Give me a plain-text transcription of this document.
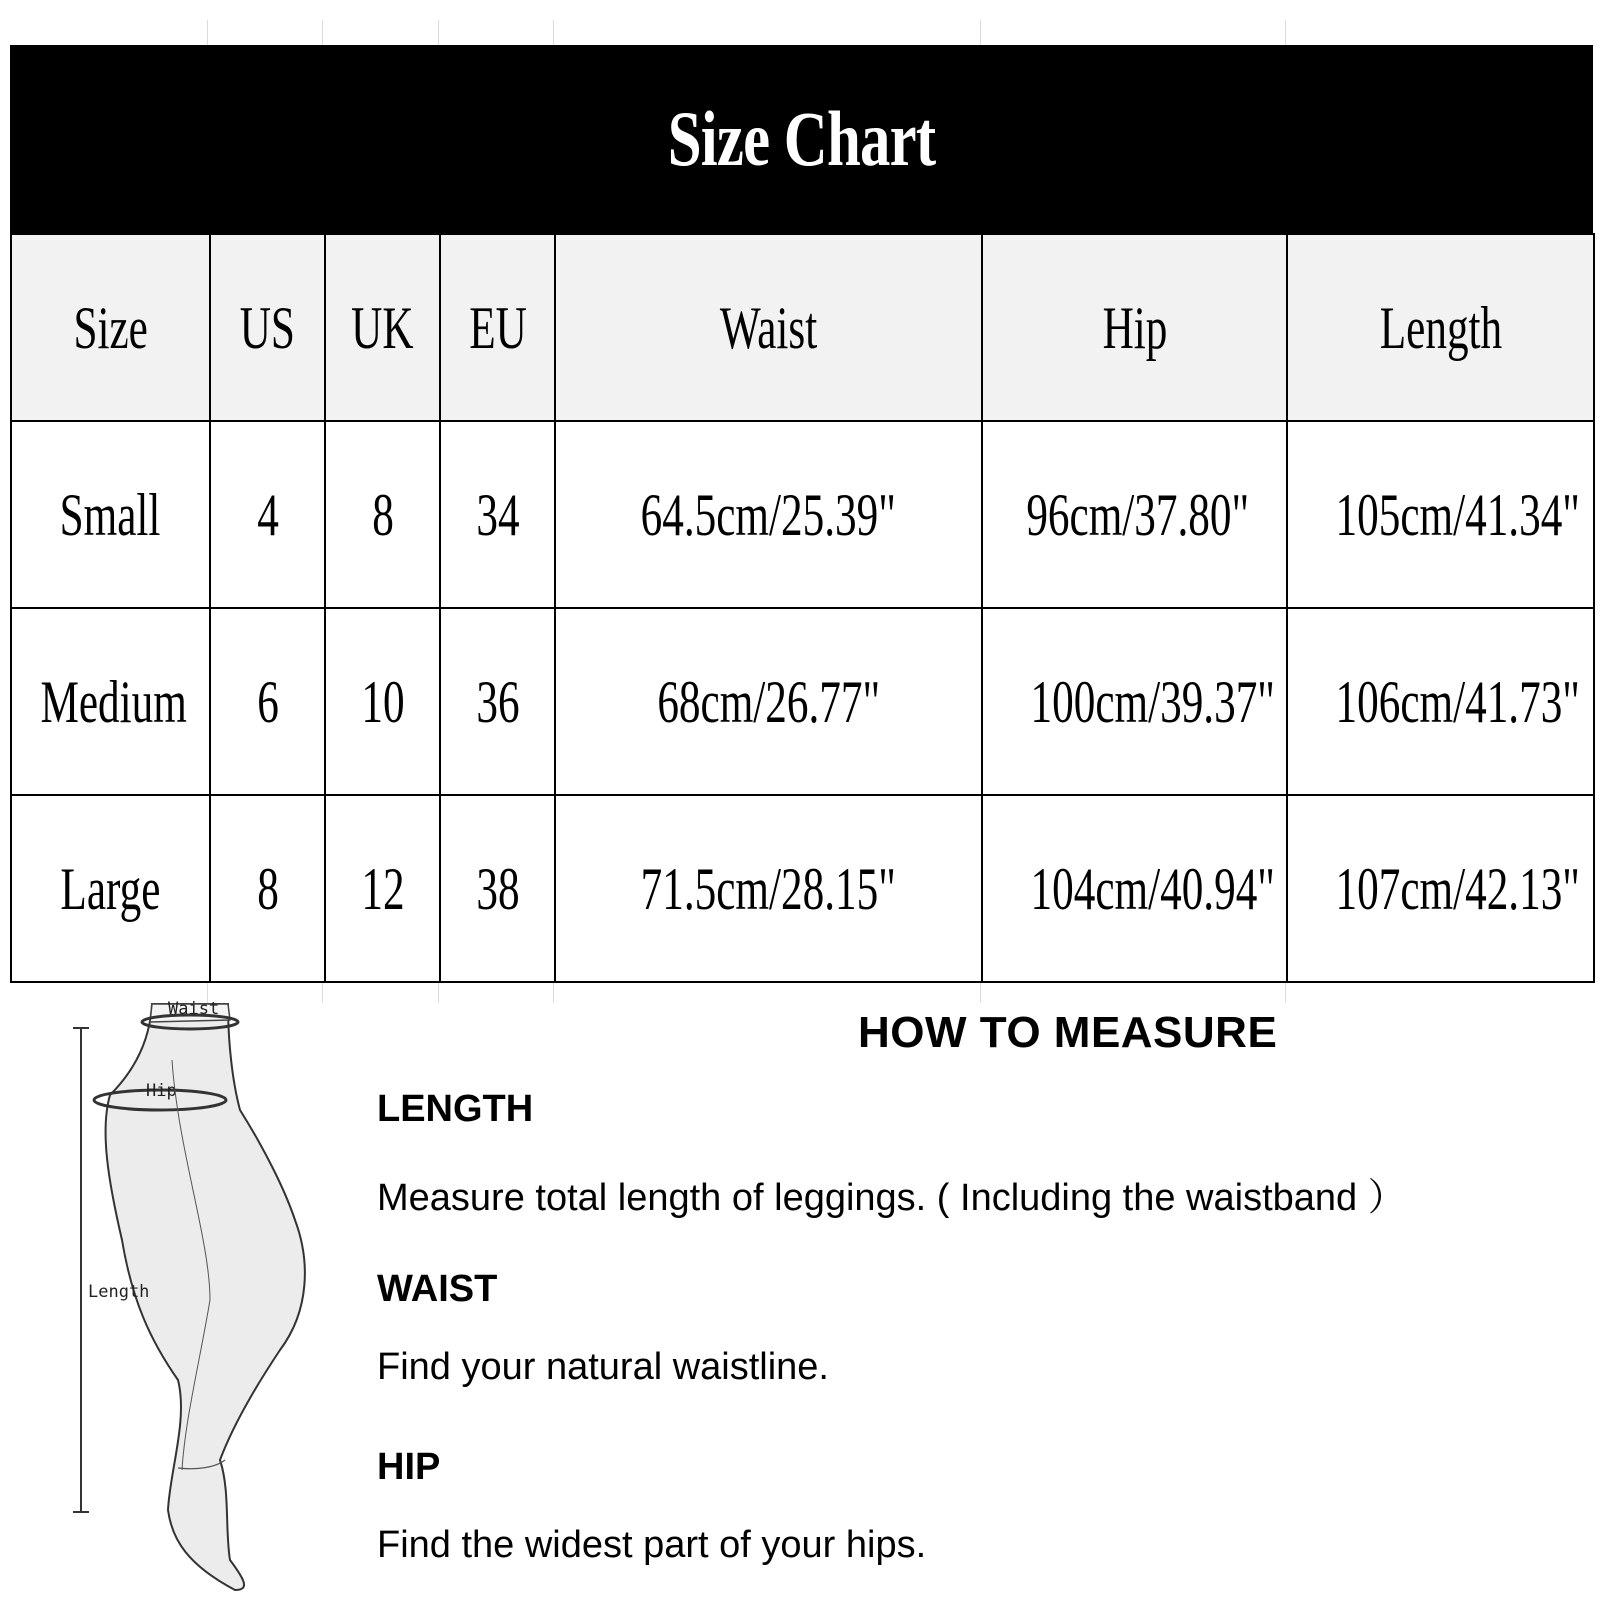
Size Chart
Size	US	UK	EU	Waist	Hip	Length
Small	4	8	34	64.5cm/25.39"	96cm/37.80"	105cm/41.34"
Medium	6	10	36	68cm/26.77"	100cm/39.37"	106cm/41.73"
Large	8	12	38	71.5cm/28.15"	104cm/40.94"	107cm/42.13"
Waist
Hip
Length
HOW TO MEASURE
LENGTH
Measure total length of leggings. ( Including the waistband ）
WAIST
Find your natural waistline.
HIP
Find the widest part of your hips.
